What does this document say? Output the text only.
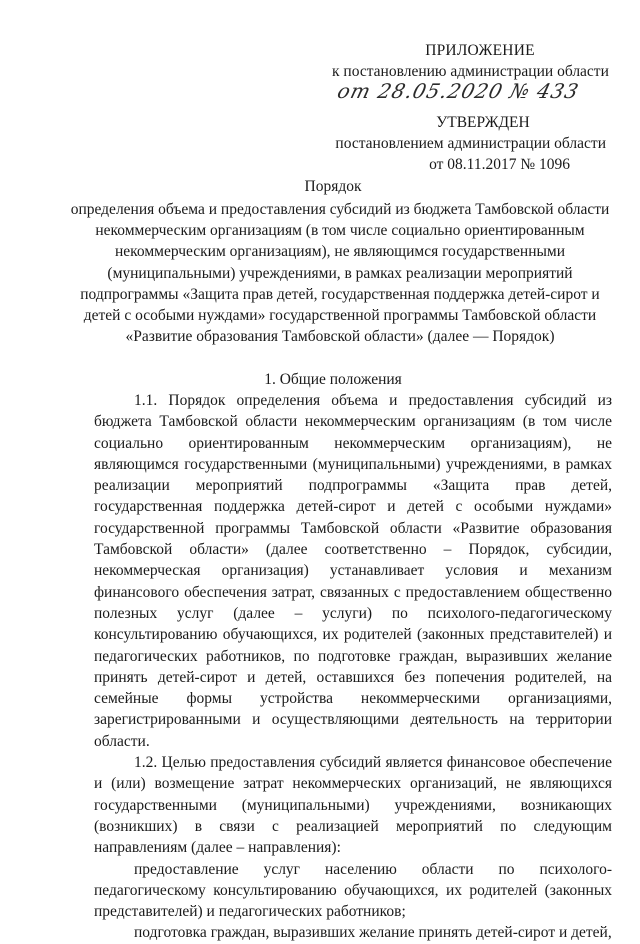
ПРИЛОЖЕНИЕ
к постановлению администрации области
от 28.05.2020 № 433
УТВЕРЖДЕН
постановлением администрации области
от 08.11.2017 № 1096
Порядок
определения объема и предоставления субсидий из бюджета Тамбовской области некоммерческим организациям (в том числе социально ориентированным некоммерческим организациям), не являющимся государственными (муниципальными) учреждениями, в рамках реализации мероприятий подпрограммы «Защита прав детей, государственная поддержка детей-сирот и детей с особыми нуждами» государственной программы Тамбовской области «Развитие образования Тамбовской области» (далее — Порядок)
1. Общие положения

1.1. Порядок определения объема и предоставления субсидий из бюджета Тамбовской области некоммерческим организациям (в том числе социально ориентированным некоммерческим организациям), не являющимся государственными (муниципальными) учреждениями, в рамках реализации мероприятий подпрограммы «Защита прав детей, государственная поддержка детей-сирот и детей с особыми нуждами» государственной программы Тамбовской области «Развитие образования Тамбовской области» (далее соответственно – Порядок, субсидии, некоммерческая организация) устанавливает условия и механизм финансового обеспечения затрат, связанных с предоставлением общественно полезных услуг (далее – услуги) по психолого-педагогическому консультированию обучающихся, их родителей (законных представителей) и педагогических работников, по подготовке граждан, выразивших желание принять детей-сирот и детей, оставшихся без попечения родителей, на семейные формы устройства некоммерческими организациями, зарегистрированными и осуществляющими деятельность на территории области.

1.2. Целью предоставления субсидий является финансовое обеспечение и (или) возмещение затрат некоммерческих организаций, не являющихся государственными (муниципальными) учреждениями, возникающих (возникших) в связи с реализацией мероприятий по следующим направлениям (далее – направления):

предоставление услуг населению области по психолого-педагогическому консультированию обучающихся, их родителей (законных представителей) и педагогических работников;

подготовка граждан, выразивших желание принять детей-сирот и детей,
